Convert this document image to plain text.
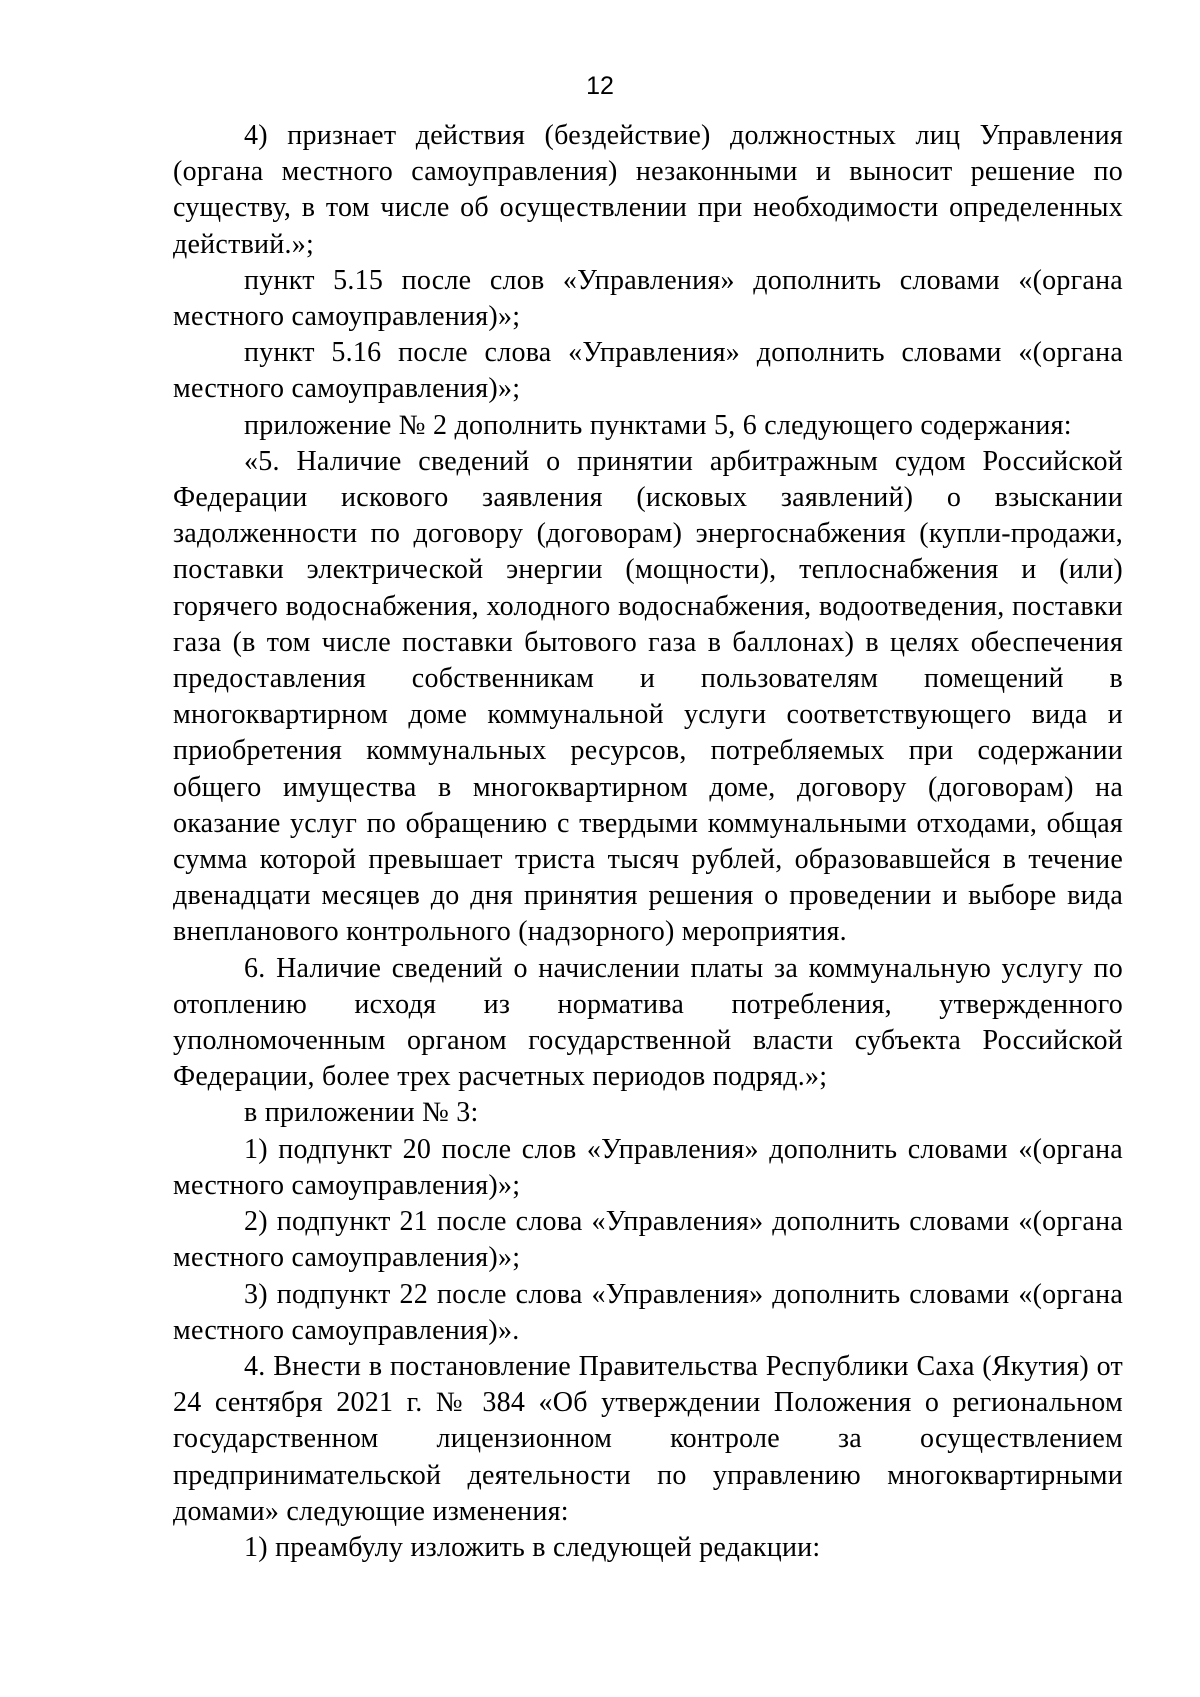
12

4) признает действия (бездействие) должностных лиц Управления (органа местного самоуправления) незаконными и выносит решение по существу, в том числе об осуществлении при необходимости определенных действий.»;

пункт 5.15 после слов «Управления» дополнить словами «(органа местного самоуправления)»;

пункт 5.16 после слова «Управления» дополнить словами «(органа местного самоуправления)»;

приложение № 2 дополнить пунктами 5, 6 следующего содержания:

«5. Наличие сведений о принятии арбитражным судом Российской Федерации искового заявления (исковых заявлений) о взыскании задолженности по договору (договорам) энергоснабжения (купли-продажи, поставки электрической энергии (мощности), теплоснабжения и (или) горячего водоснабжения, холодного водоснабжения, водоотведения, поставки газа (в том числе поставки бытового газа в баллонах) в целях обеспечения предоставления собственникам и пользователям помещений в многоквартирном доме коммунальной услуги соответствующего вида и приобретения коммунальных ресурсов, потребляемых при содержании общего имущества в многоквартирном доме, договору (договорам) на оказание услуг по обращению с твердыми коммунальными отходами, общая сумма которой превышает триста тысяч рублей, образовавшейся в течение двенадцати месяцев до дня принятия решения о проведении и выборе вида внепланового контрольного (надзорного) мероприятия.

6. Наличие сведений о начислении платы за коммунальную услугу по отоплению исходя из норматива потребления, утвержденного уполномоченным органом государственной власти субъекта Российской Федерации, более трех расчетных периодов подряд.»;

в приложении № 3:

1) подпункт 20 после слов «Управления» дополнить словами «(органа местного самоуправления)»;

2) подпункт 21 после слова «Управления» дополнить словами «(органа местного самоуправления)»;

3) подпункт 22 после слова «Управления» дополнить словами «(органа местного самоуправления)».

4. Внести в постановление Правительства Республики Саха (Якутия) от 24 сентября 2021 г. № 384 «Об утверждении Положения о региональном государственном лицензионном контроле за осуществлением предпринимательской деятельности по управлению многоквартирными домами» следующие изменения:

1) преамбулу изложить в следующей редакции:
